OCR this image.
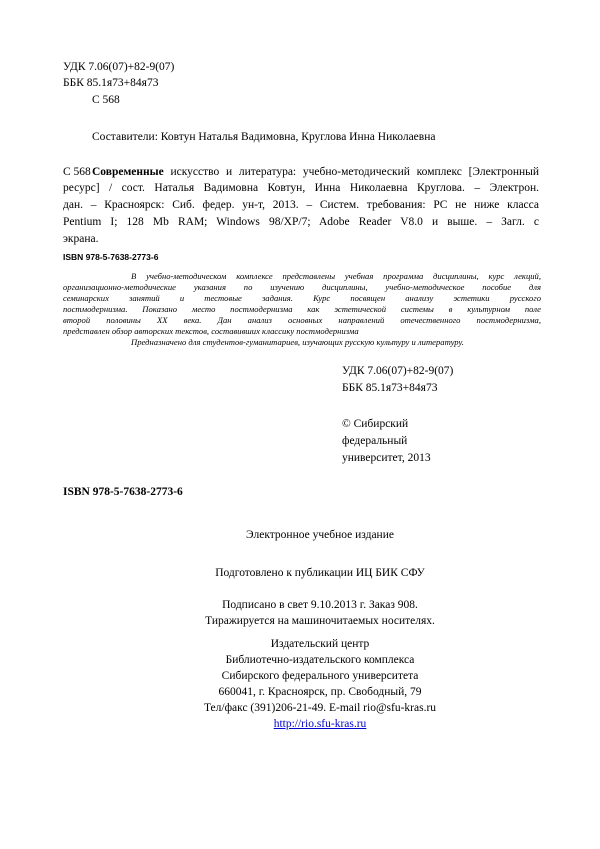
УДК 7.06(07)+82-9(07)

ББК 85.1я73+84я73

С 568

Составители: Ковтун Наталья Вадимовна, Круглова Инна Николаевна

С 568 Современные искусство и литература: учебно-методический комплекс [Электронный
ресурс] / сост. Наталья Вадимовна Ковтун, Инна Николаевна Круглова. – Электрон.
дан. – Красноярск: Сиб. федер. ун-т, 2013. – Систем. требования: PC не ниже класса
Pentium I; 128 Mb RAM; Windows 98/XP/7; Adobe Reader V8.0 и выше. – Загл. с
экрана.

ISBN 978-5-7638-2773-6

В учебно-методическом комплексе представлены учебная программа дисциплины, курс лекций,
организационно-методические указания по изучению дисциплины, учебно-методическое пособие для
семинарских занятий и тестовые задания. Курс посвящен анализу эстетики русского
постмодернизма. Показано место постмодернизма как эстетической системы в культурном поле
второй половины XX века. Дан анализ основных направлений отечественного постмодернизма,
представлен обзор авторских текстов, составивших классику постмодернизма
Предназначено для студентов-гуманитариев, изучающих русскую культуру и литературу.

УДК 7.06(07)+82-9(07)

ББК 85.1я73+84я73

© Сибирский

федеральный

университет, 2013

ISBN 978-5-7638-2773-6

Электронное учебное издание

Подготовлено к публикации ИЦ БИК СФУ

Подписано в свет 9.10.2013 г. Заказ 908.

Тиражируется на машиночитаемых носителях.

Издательский центр

Библиотечно-издательского комплекса

Сибирского федерального университета

660041, г. Красноярск, пр. Свободный, 79

Тел/факс (391)206-21-49. E-mail rio@sfu-kras.ru

http://rio.sfu-kras.ru
